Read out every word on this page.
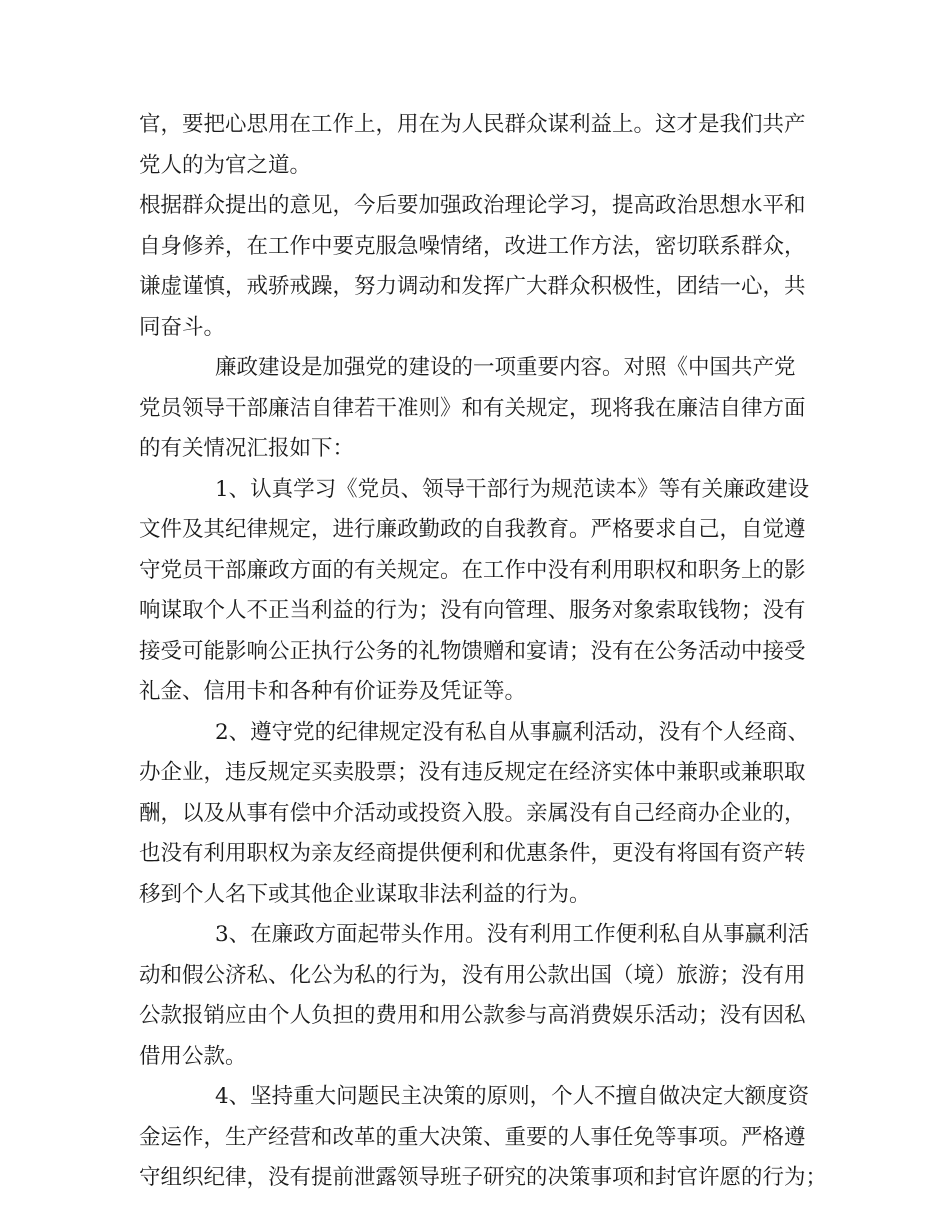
官，要把心思用在工作上，用在为人民群众谋利益上。这才是我们共产
党人的为官之道。
根据群众提出的意见，今后要加强政治理论学习，提高政治思想水平和
自身修养，在工作中要克服急噪情绪，改进工作方法，密切联系群众，
谦虚谨慎，戒骄戒躁，努力调动和发挥广大群众积极性，团结一心，共
同奋斗。
廉政建设是加强党的建设的一项重要内容。对照《中国共产党
党员领导干部廉洁自律若干准则》和有关规定，现将我在廉洁自律方面
的有关情况汇报如下：
1、认真学习《党员、领导干部行为规范读本》等有关廉政建设
文件及其纪律规定，进行廉政勤政的自我教育。严格要求自己，自觉遵
守党员干部廉政方面的有关规定。在工作中没有利用职权和职务上的影
响谋取个人不正当利益的行为；没有向管理、服务对象索取钱物；没有
接受可能影响公正执行公务的礼物馈赠和宴请；没有在公务活动中接受
礼金、信用卡和各种有价证券及凭证等。
2、遵守党的纪律规定没有私自从事赢利活动，没有个人经商、
办企业，违反规定买卖股票；没有违反规定在经济实体中兼职或兼职取
酬，以及从事有偿中介活动或投资入股。亲属没有自己经商办企业的，
也没有利用职权为亲友经商提供便利和优惠条件，更没有将国有资产转
移到个人名下或其他企业谋取非法利益的行为。
3、在廉政方面起带头作用。没有利用工作便利私自从事赢利活
动和假公济私、化公为私的行为，没有用公款出国（境）旅游；没有用
公款报销应由个人负担的费用和用公款参与高消费娱乐活动；没有因私
借用公款。
4、坚持重大问题民主决策的原则，个人不擅自做决定大额度资
金运作，生产经营和改革的重大决策、重要的人事任免等事项。严格遵
守组织纪律，没有提前泄露领导班子研究的决策事项和封官许愿的行为；
